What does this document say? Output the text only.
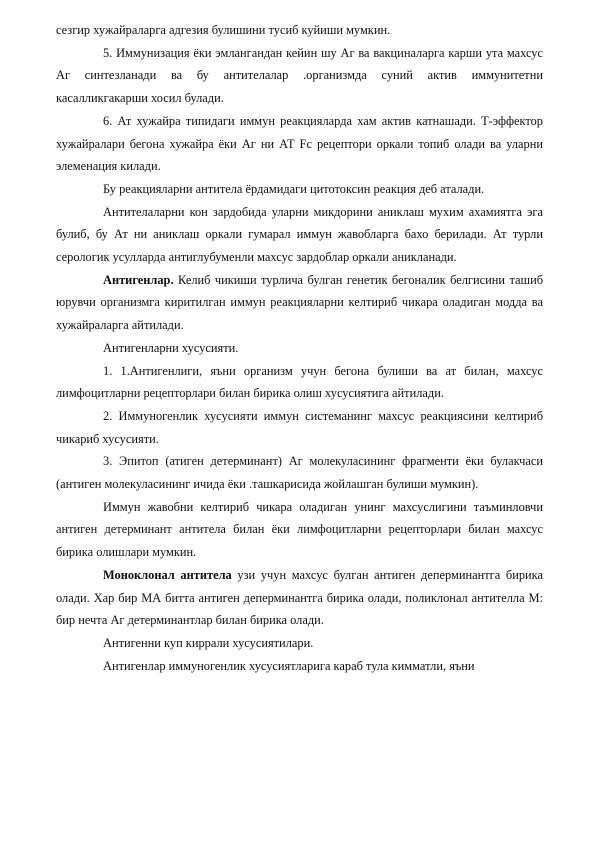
сезгир хужайраларга адгезия булишини тусиб куйиши мумкин.

5. Иммунизация ёки эмлангандан кейин шу Аг ва вакциналарга карши ута махсус Аг синтезланади ва бу антителалар .организмда суний актив иммунитетни касалликгакарши хосил булади.

6. Ат хужайра типидаги иммун реакцияларда хам актив катнашади. Т-эффектор хужайралари бегона хужайра ёки Аг ни АТ Fc рецептори оркали топиб олади ва уларни элеменация килади.

Бу реакцияларни антитела ёрдамидаги цитотоксин реакция деб аталади.

Антителаларни кон зардобида уларни микдорини аниклаш мухим ахамиятга эга булиб, бу Ат ни аниклаш оркали гумарал иммун жавобларга бахо берилади. Ат турли серологик усулларда антиглубуменли махсус зардоблар оркали аникланади.

Антигенлар. Келиб чикиши турлича булган генетик бегоналик белгисини ташиб юрувчи организмга киритилган иммун реакцияларни келтириб чикара оладиган модда ва хужайраларга айтилади.

Антигенларни хусусияти.

1. 1.Антигенлиги, яъни организм учун бегона булиши ва ат билан, махсус лимфоцитларни рецепторлари билан бирика олиш хусусиятига айтилади.

2. Иммуногенлик хусусияти иммун системанинг махсус реакциясини келтириб чикариб хусусияти.

3. Эпитоп (атиген детерминант) Аг молекуласининг фрагменти ёки булакчаси (антиген молекуласининг ичида ёки .ташкарисида жойлашган булиши мумкин).

Иммун жавобни келтириб чикара оладиган унинг махсуслигини таъминловчи антиген детерминант антитела билан ёки лимфоцитларни рецепторлари билан махсус бирика олишлари мумкин.

Моноклонал антитела узи учун махсус булган антиген деперминантга бирика олади. Хар бир МА битта антиген деперминантга бирика олади, поликлонал антителла М: бир нечта Аг детерминантлар билан бирика олади.

Антигенни куп киррали хусусиятилари.

Антигенлар иммуногенлик хусусиятларига караб тула кимматли, яъни
